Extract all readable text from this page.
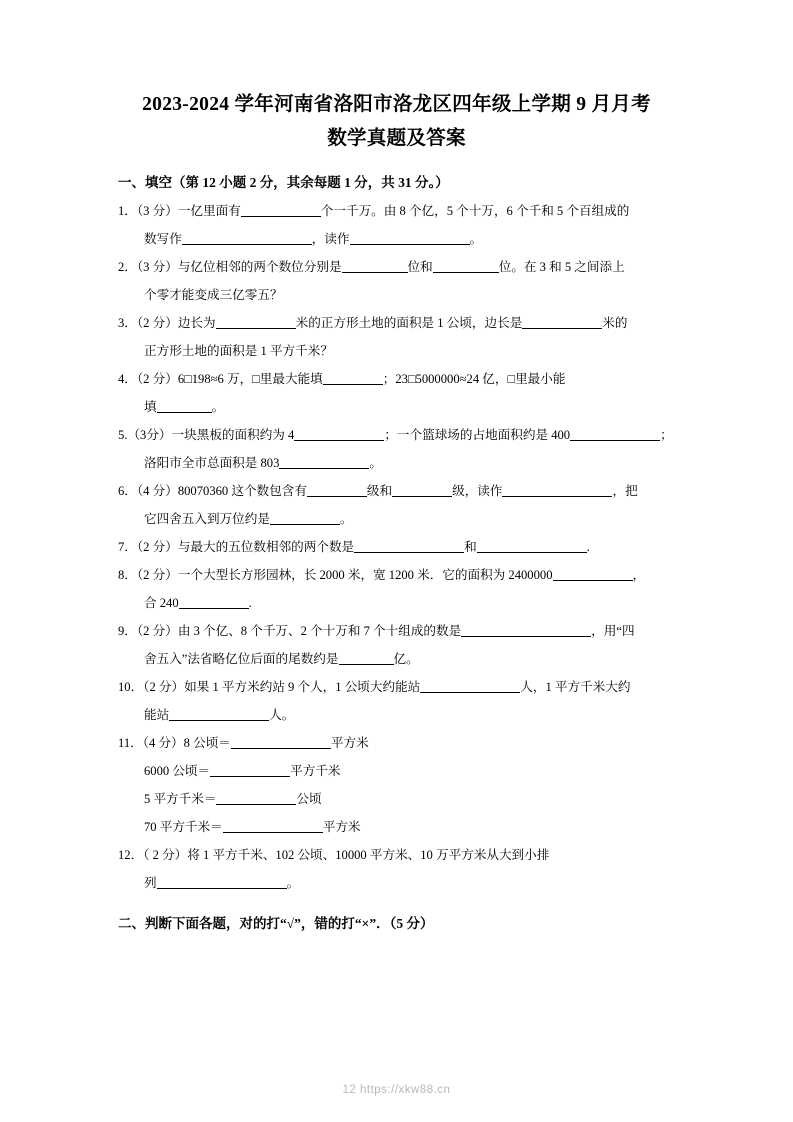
2023-2024 学年河南省洛阳市洛龙区四年级上学期 9 月月考
数学真题及答案
一、填空（第 12 小题 2 分，其余每题 1 分，共 31 分。）
1．（3 分）一亿里面有	个一千万。由 8 个亿，5 个十万，6 个千和 5 个百组成的
数写作	，读作	。
2．（3 分）与亿位相邻的两个数位分别是	位和	位。在 3 和 5 之间添上
个零才能变成三亿零五？
3．（2 分）边长为	米的正方形土地的面积是 1 公顷，边长是	米的
正方形土地的面积是 1 平方千米？
4．（2 分）6□198≈6 万，□里最大能填	；23□5000000≈24 亿，□里最小能
填	。
5.（3分）一块黑板的面积约为 4	；一个篮球场的占地面积约是 400	；
洛阳市全市总面积是 803	。
6．（4 分）80070360 这个数包含有	级和	级，读作	，把
它四舍五入到万位约是	。
7．（2 分）与最大的五位数相邻的两个数是	和	.
8．（2 分）一个大型长方形园林，长 2000 米，宽 1200 米．它的面积为 2400000	，
合 240	.
9．（2 分）由 3 个亿、8 个千万、2 个十万和 7 个十组成的数是	，用“四
舍五入”法省略亿位后面的尾数约是	亿。
10．（2 分）如果 1 平方米约站 9 个人，1 公顷大约能站	人，1 平方千米大约
能站	人。
11．（4 分）8 公顷＝	平方米
6000 公顷＝	平方千米
5 平方千米＝	公顷
70 平方千米＝	平方米
12．（ 2 分）将 1 平方千米、102 公顷、10000 平方米、10 万平方米从大到小排
列	。
二、判断下面各题，对的打“√”，错的打“×”．（5 分）
12 https://xkw88.cn
